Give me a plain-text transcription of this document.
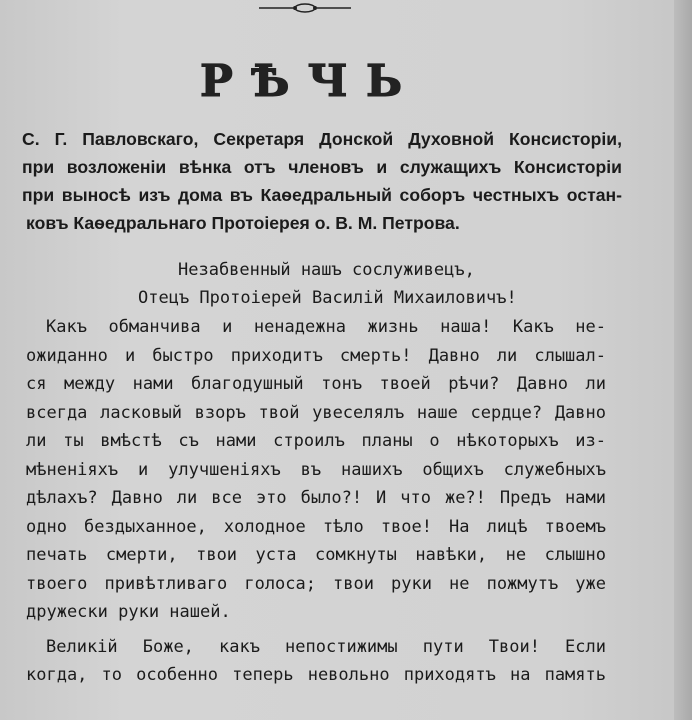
РѢЧЬ
С. Г. Павловскаго, Секретаря Донской Духовной Консисторіи,
при возложеніи вѣнка отъ членовъ и служащихъ Консисторіи
при выносѣ изъ дома въ Каѳедральный соборъ честныхъ остан-
ковъ Каѳедральнаго Протоіерея о. В. М. Петрова.
Незабвенный нашъ сослуживецъ,
Отецъ Протоіерей Василій Михаиловичъ!
Какъ обманчива и ненадежна жизнь наша! Какъ не-
ожиданно и быстро приходитъ смерть! Давно ли слышал-
ся между нами благодушный тонъ твоей рѣчи? Давно ли
всегда ласковый взоръ твой увеселялъ наше сердце? Давно
ли ты вмѣстѣ съ нами строилъ планы о нѣкоторыхъ из-
мѣненіяхъ и улучшеніяхъ въ нашихъ общихъ служебныхъ
дѣлахъ? Давно ли все это было?! И что же?! Предъ нами
одно бездыханное, холодное тѣло твое! На лицѣ твоемъ
печать смерти, твои уста сомкнуты навѣки, не слышно
твоего привѣтливаго голоса; твои руки не пожмутъ уже
дружески руки нашей.
Великій Боже, какъ непостижимы пути Твои! Если
когда, то особенно теперь невольно приходятъ на память
